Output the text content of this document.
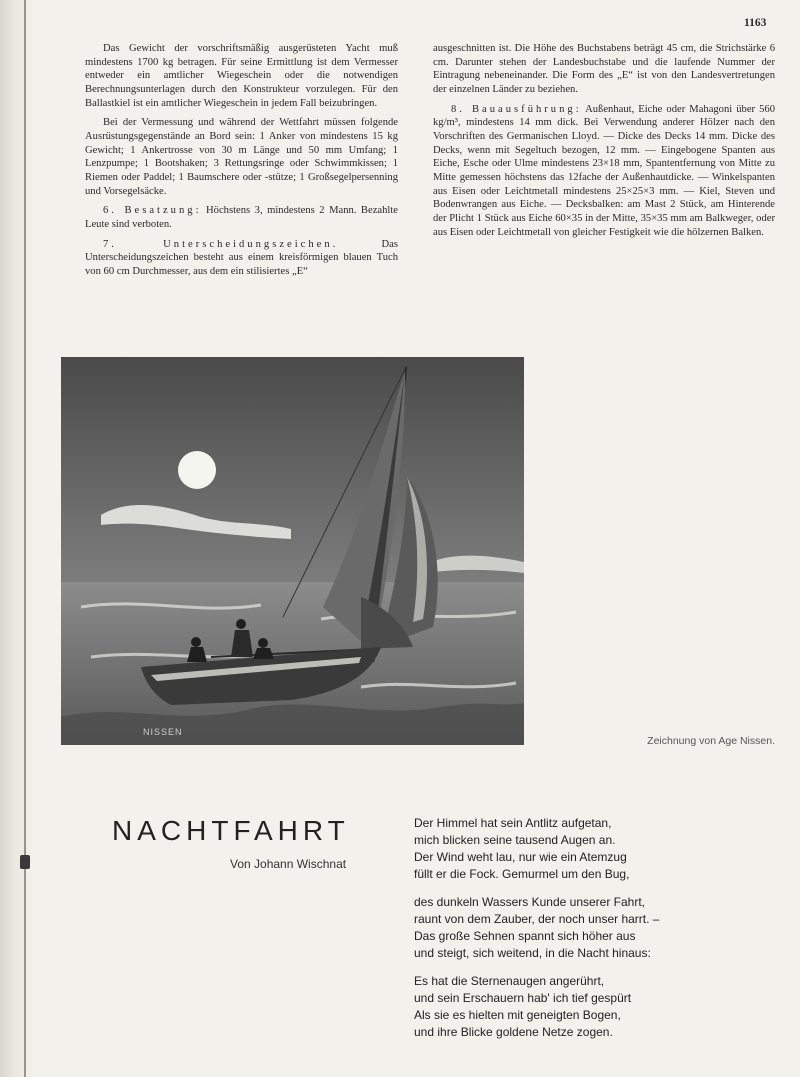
1163

Das Gewicht der vorschriftsmäßig ausgerüsteten Yacht muß mindestens 1700 kg betragen. Für seine Ermittlung ist dem Vermesser entweder ein amtlicher Wiegeschein oder die notwendigen Berechnungsunterlagen durch den Konstrukteur vorzulegen. Für den Ballastkiel ist ein amtlicher Wiegeschein in jedem Fall beizubringen.

Bei der Vermessung und während der Wettfahrt müssen folgende Ausrüstungsgegenstände an Bord sein: 1 Anker von mindestens 15 kg Gewicht; 1 Ankertrosse von 30 m Länge und 50 mm Umfang; 1 Lenzpumpe; 1 Bootshaken; 3 Rettungsringe oder Schwimmkissen; 1 Riemen oder Paddel; 1 Baumschere oder -stütze; 1 Großsegelpersenning und Vorsegelsäcke.

6. Besatzung: Höchstens 3, mindestens 2 Mann. Bezahlte Leute sind verboten.

7. Unterscheidungszeichen.	Das Unterscheidungszeichen besteht aus einem kreisförmigen blauen Tuch von 60 cm Durchmesser, aus dem ein stilisiertes „E“

ausgeschnitten ist. Die Höhe des Buchstabens beträgt 45 cm, die Strichstärke 6 cm. Darunter stehen der Landesbuchstabe und die laufende Nummer der Eintragung nebeneinander. Die Form des „E“ ist von den Landesvertretungen der einzelnen Länder zu beziehen.

8. Bauausführung: Außenhaut, Eiche oder Mahagoni über 560 kg/m³, mindestens 14 mm dick. Bei Verwendung anderer Hölzer nach den Vorschriften des Germanischen Lloyd. — Dicke des Decks 14 mm. Dicke des Decks, wenn mit Segeltuch bezogen, 12 mm. — Eingebogene Spanten aus Eiche, Esche oder Ulme mindestens 23×18 mm, Spantentfernung von Mitte zu Mitte gemessen höchstens das 12fache der Außenhautdicke. — Winkelspanten aus Eisen oder Leichtmetall mindestens 25×25×3 mm. — Kiel, Steven und Bodenwrangen aus Eiche. — Decksbalken: am Mast 2 Stück, am Hinterende der Plicht 1 Stück aus Eiche 60×35 in der Mitte, 35×35 mm am Balkweger, oder aus Eisen oder Leichtmetall von gleicher Festigkeit wie die hölzernen Balken.

NISSEN
Zeichnung von Age Nissen.
NACHTFAHRT
Von Johann Wischnat
Der Himmel hat sein Antlitz aufgetan,
mich blicken seine tausend Augen an.
Der Wind weht lau, nur wie ein Atemzug
füllt er die Fock. Gemurmel um den Bug,
des dunkeln Wassers Kunde unserer Fahrt,
raunt von dem Zauber, der noch unser harrt. –
Das große Sehnen spannt sich höher aus
und steigt, sich weitend, in die Nacht hinaus:
Es hat die Sternenaugen angerührt,
und sein Erschauern hab' ich tief gespürt
Als sie es hielten mit geneigten Bogen,
und ihre Blicke goldene Netze zogen.
